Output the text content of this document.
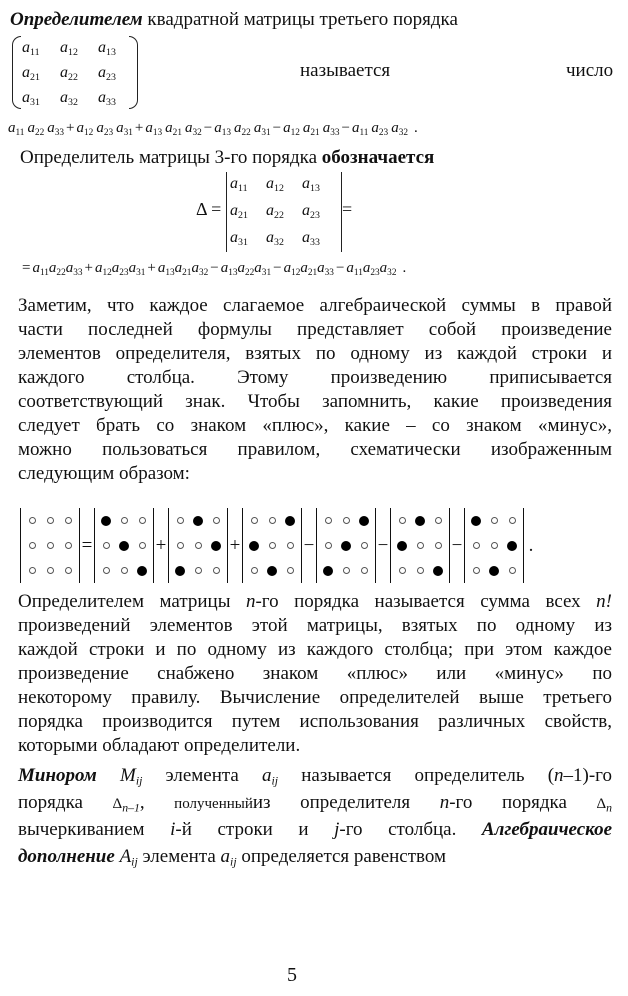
Определителем квадратной матрицы третьего порядка
$a_{11}$	$a_{12}$	$a_{13}$
$a_{21}$	$a_{22}$	$a_{23}$
$a_{31}$	$a_{32}$	$a_{33}$
называется	число
$a_{11}$ $a_{22}$ $a_{33} + a_{12}$ $a_{23}$ $a_{31} + a_{13}$ $a_{21}$ $a_{32} - a_{13}$ $a_{22}$ $a_{31} - a_{12}$ $a_{21}$ $a_{33} - a_{11}$ $a_{23}$ $a_{32}$ .
Определитель матрицы 3-го порядка обозначается
Δ =
$a_{11}$	$a_{12}$	$a_{13}$
$a_{21}$	$a_{22}$	$a_{23}$
$a_{31}$	$a_{32}$	$a_{33}$
=
= $a_{11}a_{22}a_{33} + a_{12}a_{23}a_{31} + a_{13}a_{21}a_{32} - a_{13}a_{22}a_{31} - a_{12}a_{21}a_{33} - a_{11}a_{23}a_{32}$ .
Заметим, что каждое слагаемое алгебраической суммы в правой
части последней формулы представляет собой произведение
элементов определителя, взятых по одному из каждой строки и
каждого столбца. Этому произведению приписывается
соответствующий знак. Чтобы запомнить, какие произведения
следует брать со знаком «плюс», какие – со знаком «минус»,
можно пользоваться правилом, схематически изображенным
следующим образом:
=	+	+	−	−	−	.
Определителем матрицы n-го порядка называется сумма всех n!
произведений элементов этой матрицы, взятых по одному из
каждой строки и по одному из каждого столбца; при этом каждое
произведение снабжено знаком «плюс» или «минус» по
некоторому правилу. Вычисление определителей выше третьего
порядка производится путем использования различных свойств,
которыми обладают определители.
Минором $M_{ij}$ элемента $a_{ij}$ называется определитель (n–1)-го
порядка $\Delta_{n-1}$, полученныйиз определителя n-го порядка $\Delta_n$
вычеркиванием i-й строки и j-го столбца. Алгебраическое
дополнение $A_{ij}$ элемента $a_{ij}$ определяется равенством
5
